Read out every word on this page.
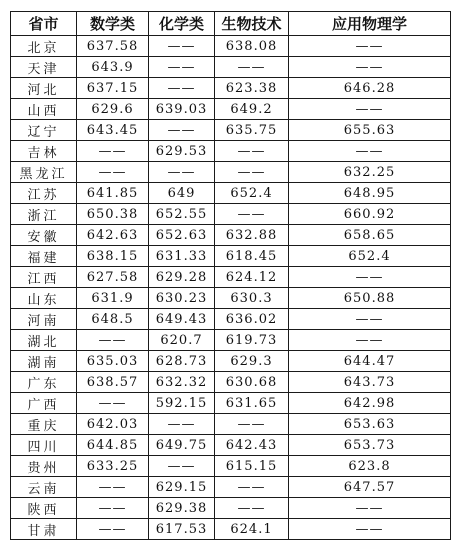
省市	数学类	化学类	生物技术	应用物理学
北京	637.58	——	638.08	——
天津	643.9	——	——	——
河北	637.15	——	623.38	646.28
山西	629.6	639.03	649.2	——
辽宁	643.45	——	635.75	655.63
吉林	——	629.53	——	——
黑龙江	——	——	——	632.25
江苏	641.85	649	652.4	648.95
浙江	650.38	652.55	——	660.92
安徽	642.63	652.63	632.88	658.65
福建	638.15	631.33	618.45	652.4
江西	627.58	629.28	624.12	——
山东	631.9	630.23	630.3	650.88
河南	648.5	649.43	636.02	——
湖北	——	620.7	619.73	——
湖南	635.03	628.73	629.3	644.47
广东	638.57	632.32	630.68	643.73
广西	——	592.15	631.65	642.98
重庆	642.03	——	——	653.63
四川	644.85	649.75	642.43	653.73
贵州	633.25	——	615.15	623.8
云南	——	629.15	——	647.57
陕西	——	629.38	——	——
甘肃	——	617.53	624.1	——
